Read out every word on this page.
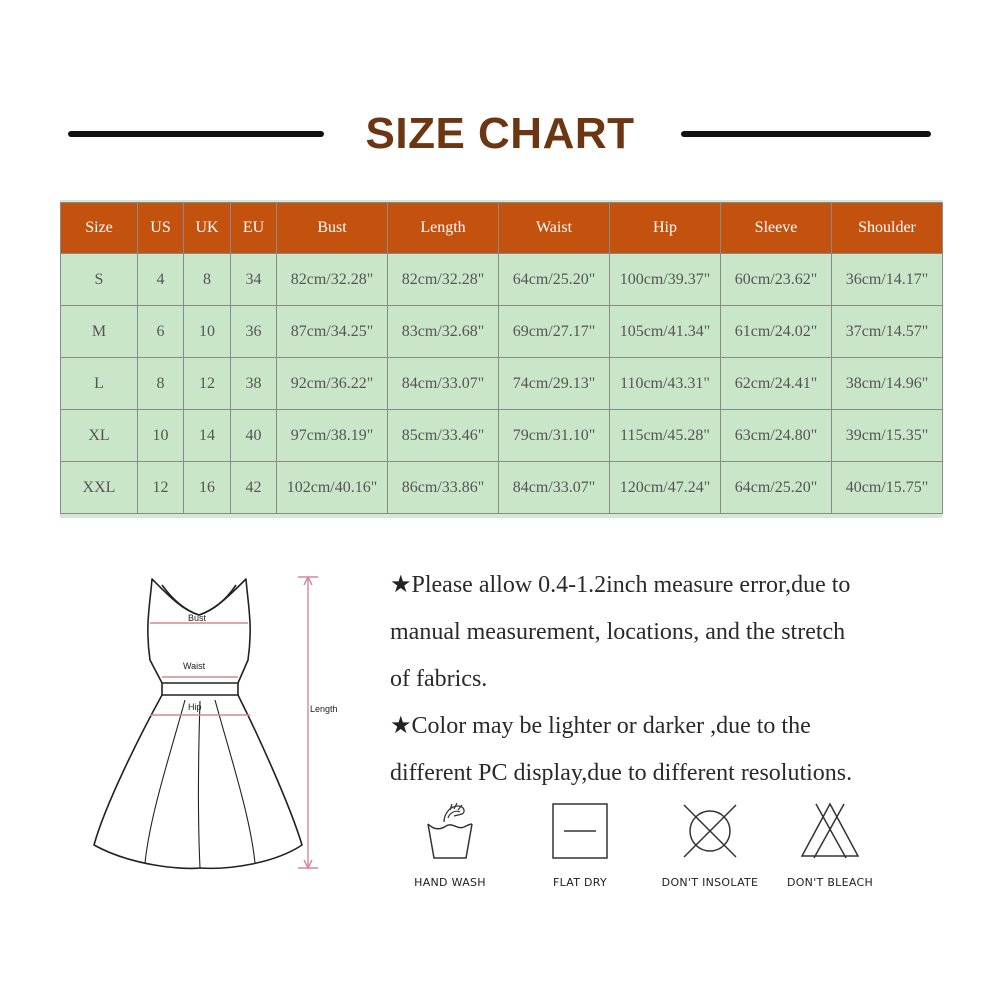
SIZE CHART
Size	US	UK	EU	Bust	Length	Waist	Hip	Sleeve	Shoulder
S	4	8	34	82cm/32.28"	82cm/32.28"	64cm/25.20"	100cm/39.37"	60cm/23.62"	36cm/14.17"
M	6	10	36	87cm/34.25"	83cm/32.68"	69cm/27.17"	105cm/41.34"	61cm/24.02"	37cm/14.57"
L	8	12	38	92cm/36.22"	84cm/33.07"	74cm/29.13"	110cm/43.31"	62cm/24.41"	38cm/14.96"
XL	10	14	40	97cm/38.19"	85cm/33.46"	79cm/31.10"	115cm/45.28"	63cm/24.80"	39cm/15.35"
XXL	12	16	42	102cm/40.16"	86cm/33.86"	84cm/33.07"	120cm/47.24"	64cm/25.20"	40cm/15.75"
Bust
Waist
Hip	Length
★Please allow 0.4-1.2inch measure error,due to
manual measurement, locations, and the stretch
of fabrics.
★Color may be lighter or darker ,due to the
different PC display,due to different resolutions.
HAND WASH	FLAT DRY	DON'T INSOLATE	DON'T BLEACH
